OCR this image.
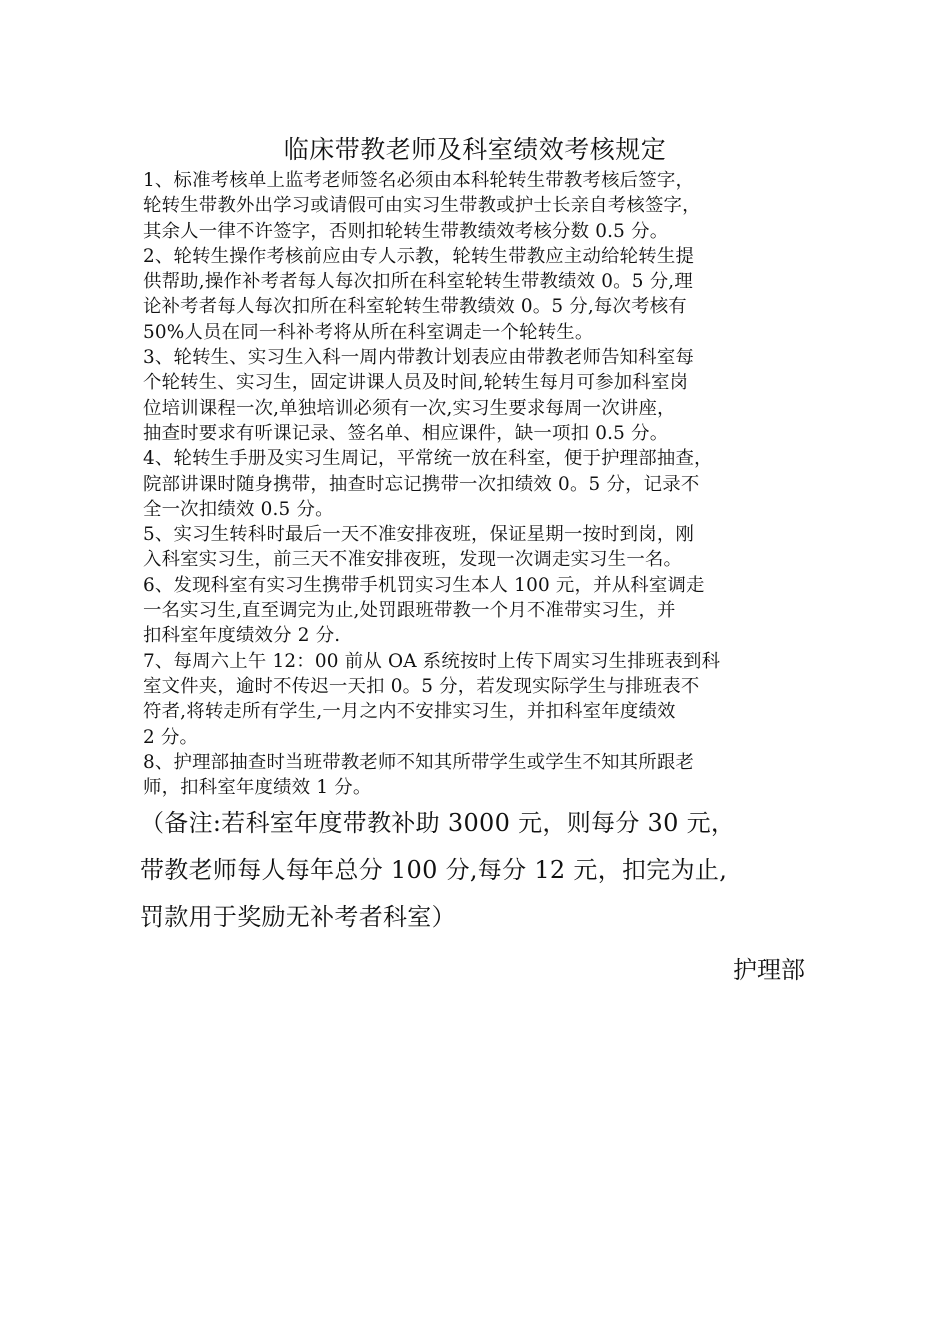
临床带教老师及科室绩效考核规定
1、标准考核单上监考老师签名必须由本科轮转生带教考核后签字，
轮转生带教外出学习或请假可由实习生带教或护士长亲自考核签字，
其余人一律不许签字，否则扣轮转生带教绩效考核分数 0.5 分。
2、轮转生操作考核前应由专人示教，轮转生带教应主动给轮转生提
供帮助,操作补考者每人每次扣所在科室轮转生带教绩效 0。5 分,理
论补考者每人每次扣所在科室轮转生带教绩效 0。5 分,每次考核有
50%人员在同一科补考将从所在科室调走一个轮转生。
3、轮转生、实习生入科一周内带教计划表应由带教老师告知科室每
个轮转生、实习生，固定讲课人员及时间,轮转生每月可参加科室岗
位培训课程一次,单独培训必须有一次,实习生要求每周一次讲座，
抽查时要求有听课记录、签名单、相应课件，缺一项扣 0.5 分。
4、轮转生手册及实习生周记，平常统一放在科室，便于护理部抽查，
院部讲课时随身携带，抽查时忘记携带一次扣绩效 0。5 分，记录不
全一次扣绩效 0.5 分。
5、实习生转科时最后一天不准安排夜班，保证星期一按时到岗，刚
入科室实习生，前三天不准安排夜班，发现一次调走实习生一名。
6、发现科室有实习生携带手机罚实习生本人 100 元，并从科室调走
一名实习生,直至调完为止,处罚跟班带教一个月不准带实习生，并
扣科室年度绩效分 2 分.
7、每周六上午 12：00 前从 OA 系统按时上传下周实习生排班表到科
室文件夹，逾时不传迟一天扣 0。5 分，若发现实际学生与排班表不
符者,将转走所有学生,一月之内不安排实习生，并扣科室年度绩效
2 分。
8、护理部抽查时当班带教老师不知其所带学生或学生不知其所跟老
师，扣科室年度绩效 1 分。
（备注:若科室年度带教补助 3000 元，则每分 30 元，
带教老师每人每年总分 100 分,每分 12 元，扣完为止,
罚款用于奖励无补考者科室）
护理部
